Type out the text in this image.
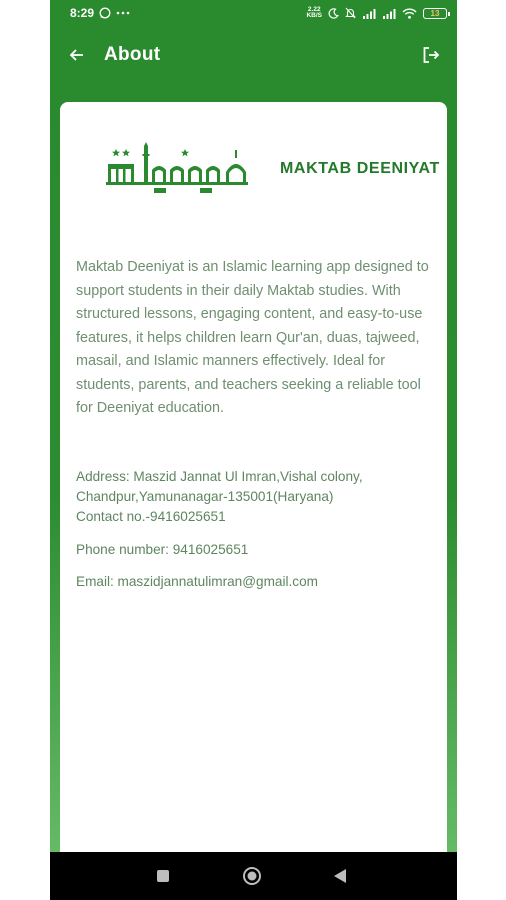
8:29	2.22
KB/S	13
About
MAKTAB DEENIYAT

Maktab Deeniyat is an Islamic learning app designed to support students in their daily Maktab studies. With structured lessons, engaging content, and easy-to-use features, it helps children learn Qur'an, duas, tajweed, masail, and Islamic manners effectively. Ideal for students, parents, and teachers seeking a reliable tool for Deeniyat education.

Address: Maszid Jannat Ul Imran,Vishal colony,
Chandpur,Yamunanagar-135001(Haryana)
Contact no.-9416025651
Phone number: 9416025651
Email: maszidjannatulimran@gmail.com
